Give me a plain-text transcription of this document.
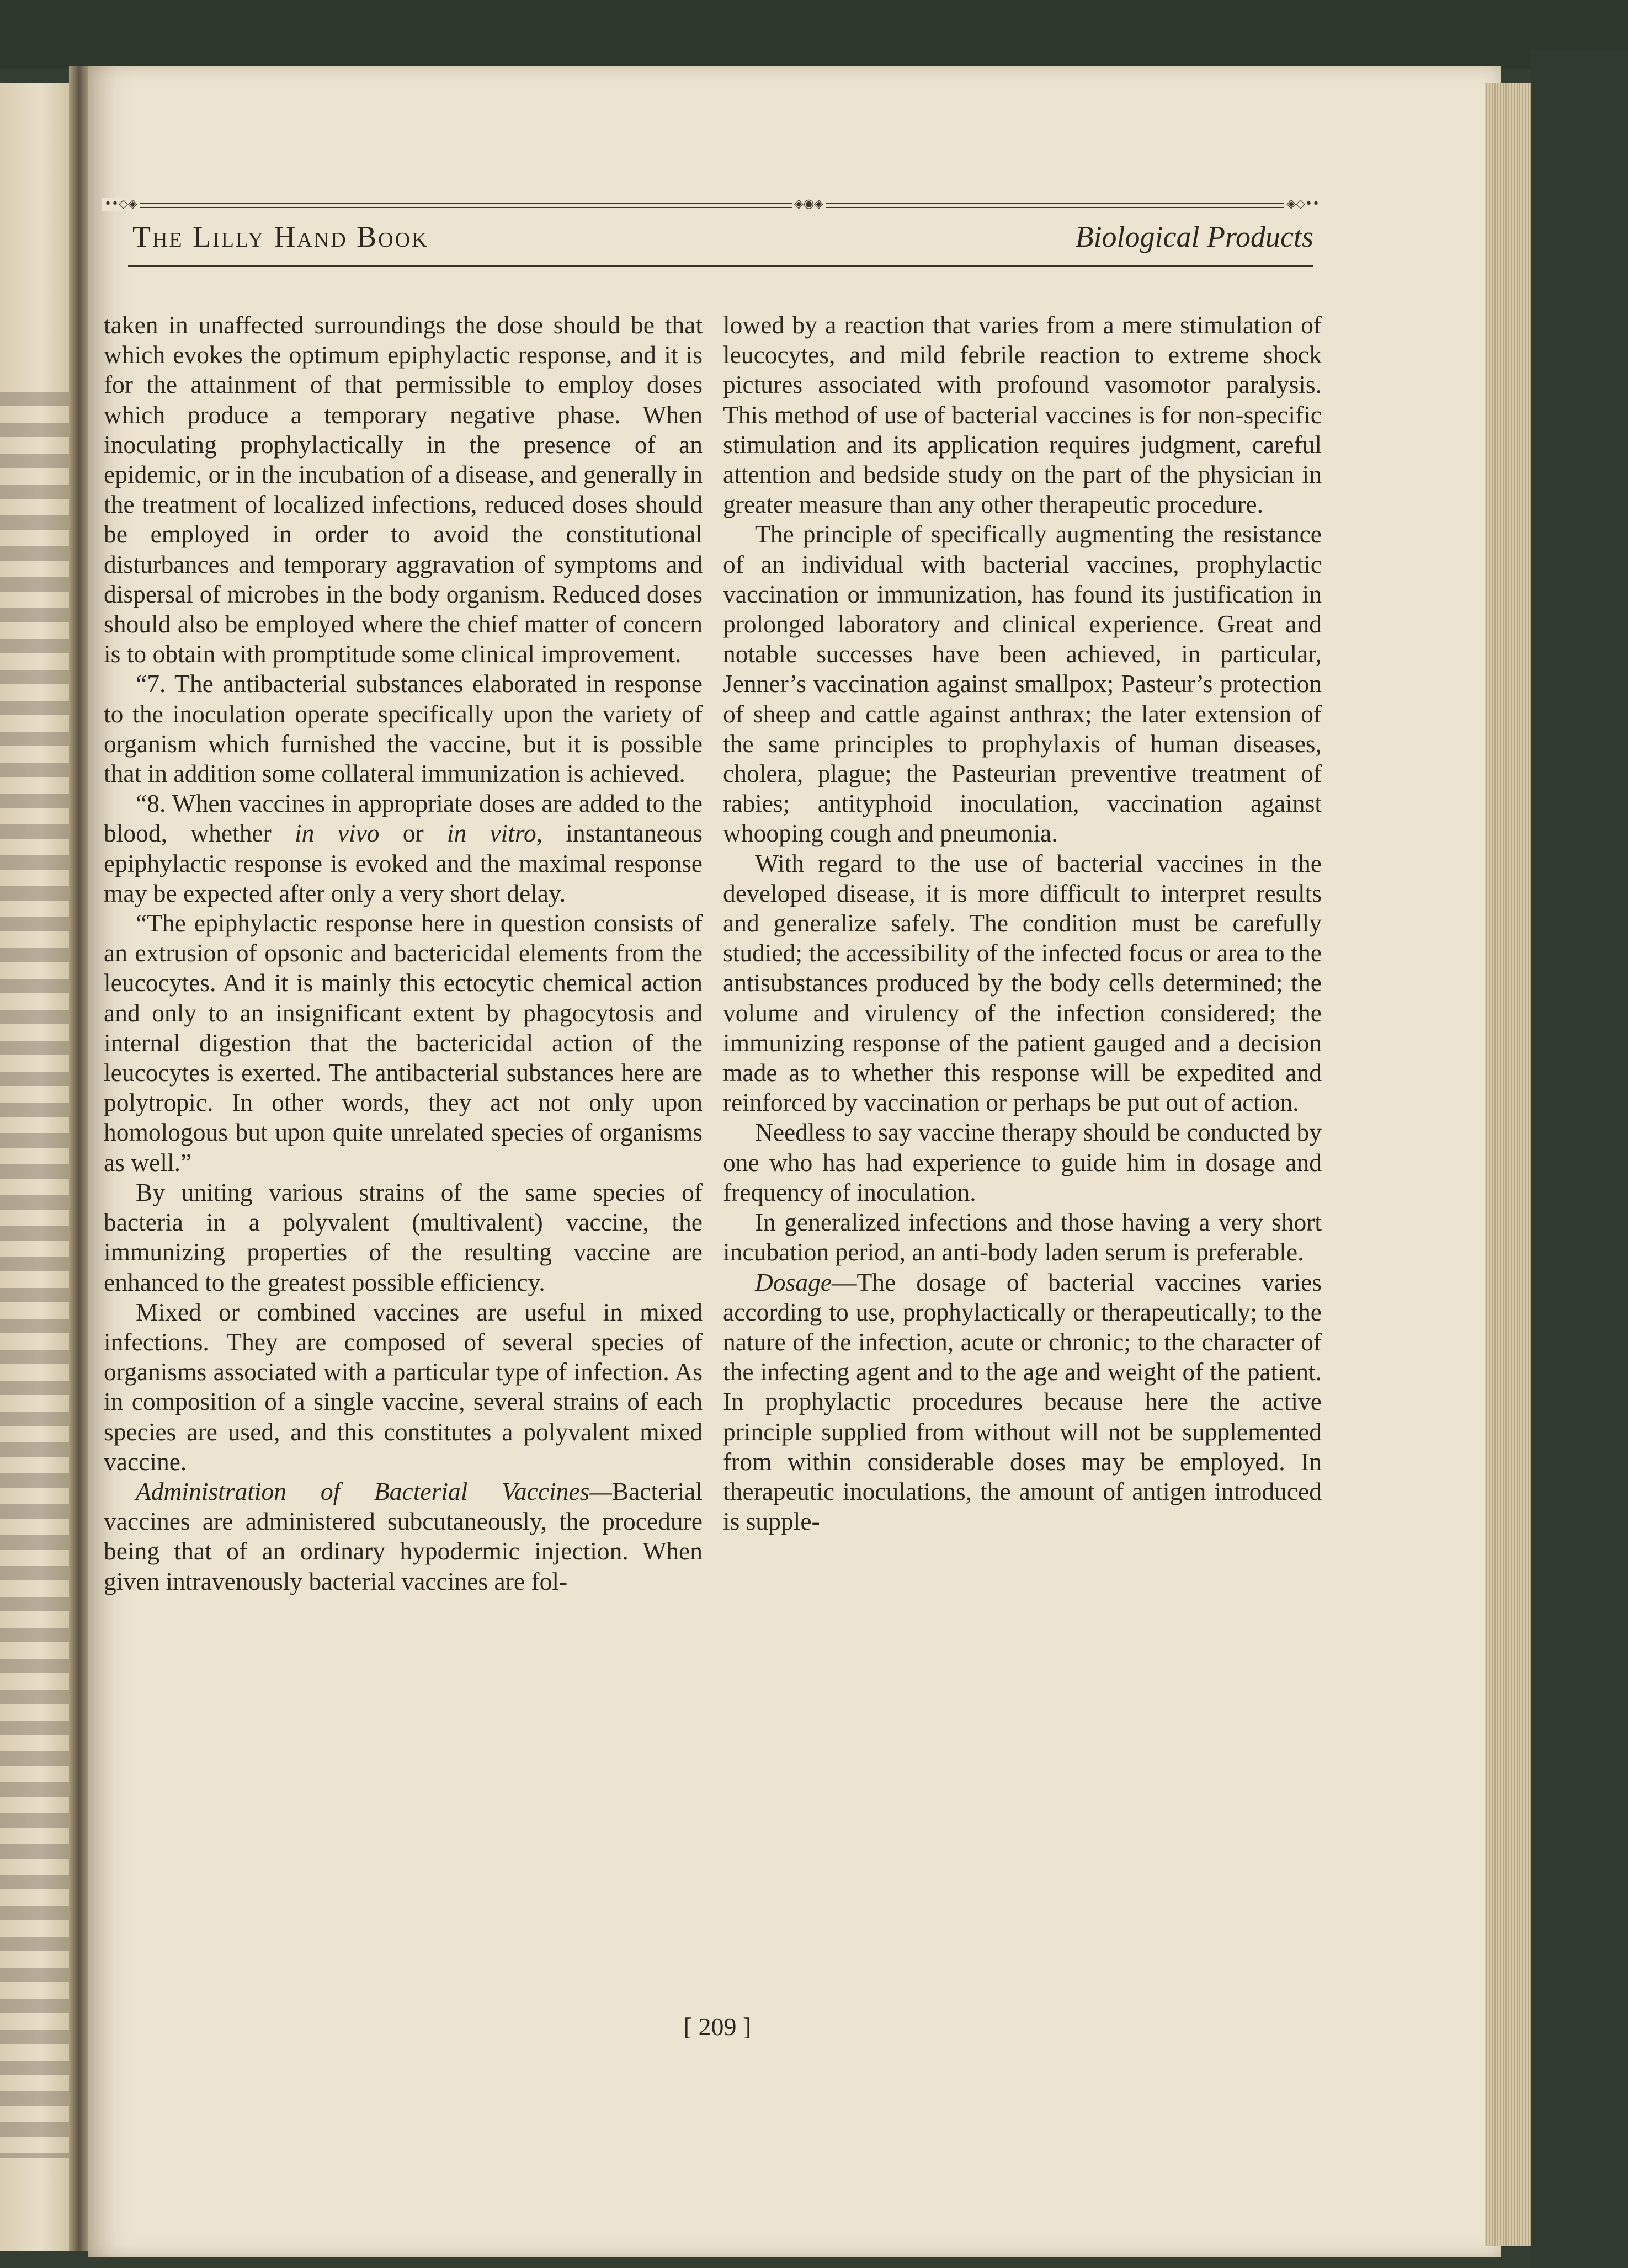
••◇◈	◈◉◈	◈◇••
The Lilly Hand Book	Biological Products

taken in unaffected surroundings the dose should be that which evokes the optimum epiphylactic response, and it is for the attainment of that permissible to employ doses which produce a temporary negative phase. When inoculating prophylactically in the presence of an epidemic, or in the incubation of a disease, and generally in the treatment of localized infections, reduced doses should be employed in order to avoid the constitutional disturbances and temporary aggravation of symptoms and dispersal of microbes in the body organism. Reduced doses should also be employed where the chief matter of concern is to obtain with promptitude some clinical improvement.

“7. The antibacterial substances elaborated in response to the inoculation operate specifically upon the variety of organism which furnished the vaccine, but it is possible that in addition some collateral immunization is achieved.

“8. When vaccines in appropriate doses are added to the blood, whether in vivo or in vitro, instantaneous epiphylactic response is evoked and the maximal response may be expected after only a very short delay.

“The epiphylactic response here in question consists of an extrusion of opsonic and bactericidal elements from the leucocytes. And it is mainly this ectocytic chemical action and only to an insignificant extent by phagocytosis and internal digestion that the bactericidal action of the leucocytes is exerted. The antibacterial substances here are polytropic. In other words, they act not only upon homologous but upon quite unrelated species of organisms as well.”

By uniting various strains of the same species of bacteria in a polyvalent (multivalent) vaccine, the immunizing properties of the resulting vaccine are enhanced to the greatest possible efficiency.

Mixed or combined vaccines are useful in mixed infections. They are composed of several species of organisms associated with a particular type of infection. As in composition of a single vaccine, several strains of each species are used, and this constitutes a polyvalent mixed vaccine.

Administration of Bacterial Vaccines—Bacterial vaccines are administered subcutaneously, the procedure being that of an ordinary hypodermic injection. When given intravenously bacterial vaccines are fol-

lowed by a reaction that varies from a mere stimulation of leucocytes, and mild febrile reaction to extreme shock pictures associated with profound vasomotor paralysis. This method of use of bacterial vaccines is for non-specific stimulation and its application requires judgment, careful attention and bedside study on the part of the physician in greater measure than any other therapeutic procedure.

The principle of specifically augmenting the resistance of an individual with bacterial vaccines, prophylactic vaccination or immunization, has found its justification in prolonged laboratory and clinical experience. Great and notable successes have been achieved, in particular, Jenner’s vaccination against smallpox; Pasteur’s protection of sheep and cattle against anthrax; the later extension of the same principles to prophylaxis of human diseases, cholera, plague; the Pasteurian preventive treatment of rabies; antityphoid inoculation, vaccination against whooping cough and pneumonia.

With regard to the use of bacterial vaccines in the developed disease, it is more difficult to interpret results and generalize safely. The condition must be carefully studied; the accessibility of the infected focus or area to the antisubstances produced by the body cells determined; the volume and virulency of the infection considered; the immunizing response of the patient gauged and a decision made as to whether this response will be expedited and reinforced by vaccination or perhaps be put out of action.

Needless to say vaccine therapy should be conducted by one who has had experience to guide him in dosage and frequency of inoculation.

In generalized infections and those having a very short incubation period, an anti-body laden serum is preferable.

Dosage—The dosage of bacterial vaccines varies according to use, prophylactically or therapeutically; to the nature of the infection, acute or chronic; to the character of the infecting agent and to the age and weight of the patient. In prophylactic procedures because here the active principle supplied from without will not be supplemented from within considerable doses may be employed. In therapeutic inoculations, the amount of antigen introduced is supple-

[ 209 ]
